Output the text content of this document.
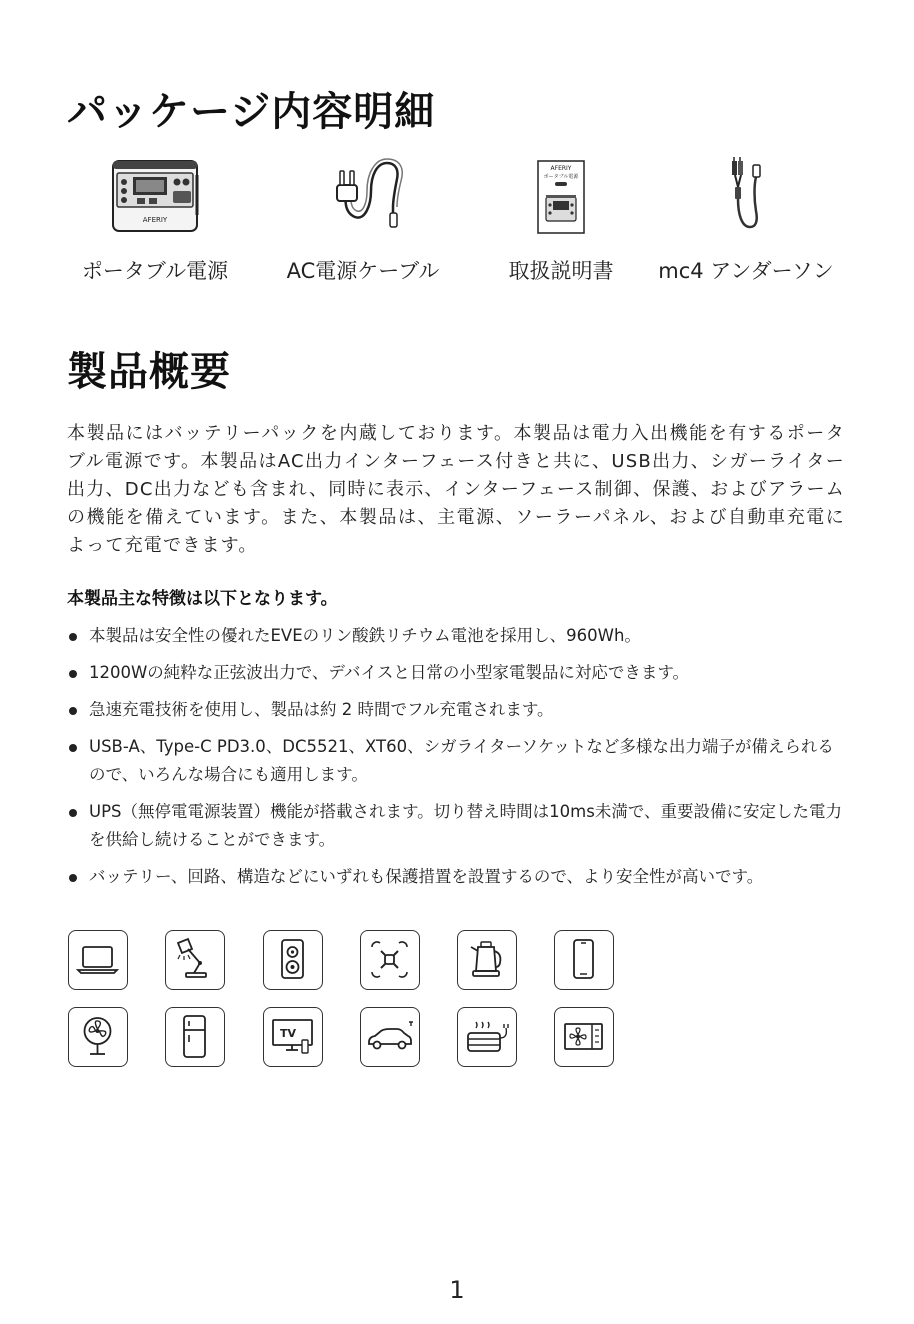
パッケージ内容明細
AFERIY
ポータブル電源	AC電源ケーブル
AFERIY
ポータブル電源
取扱説明書	mc4 アンダーソン
製品概要

本製品にはバッテリーパックを内蔵しております。本製品は電力入出機能を有するポータブル電源です。本製品はAC出力インターフェース付きと共に、USB出力、シガーライター出力、DC出力なども含まれ、同時に表示、インターフェース制御、保護、およびアラームの機能を備えています。また、本製品は、主電源、ソーラーパネル、および自動車充電によって充電できます。

本製品主な特徴は以下となります。

本製品は安全性の優れたEVEのリン酸鉄リチウム電池を採用し、960Wh。
1200Wの純粋な正弦波出力で、デバイスと日常の小型家電製品に対応できます。
急速充電技術を使用し、製品は約 2 時間でフル充電されます。
USB-A、Type-C PD3.0、DC5521、XT60、シガライターソケットなど多様な出力端子が備えられるので、いろんな場合にも適用します。
UPS（無停電電源装置）機能が搭載されます。切り替え時間は10ms未満で、重要設備に安定した電力を供給し続けることができます。
バッテリー、回路、構造などにいずれも保護措置を設置するので、より安全性が高いです。
TV
1
